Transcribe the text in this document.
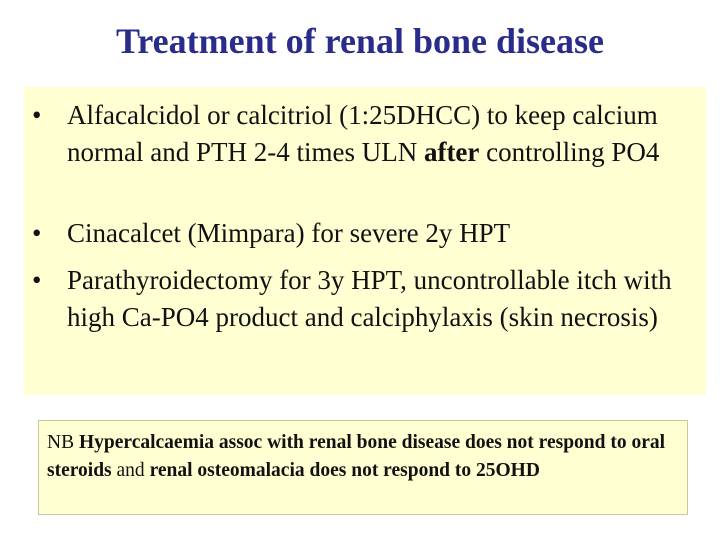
Treatment of renal bone disease
• Alfacalcidol or calcitriol (1:25DHCC) to keep calcium normal and PTH 2-4 times ULN after controlling PO4
• Cinacalcet (Mimpara) for severe 2y HPT
• Parathyroidectomy for 3y HPT, uncontrollable itch with high Ca-PO4 product and calciphylaxis (skin necrosis)
NB Hypercalcaemia assoc with renal bone disease does not respond to oral steroids and renal osteomalacia does not respond to 25OHD
